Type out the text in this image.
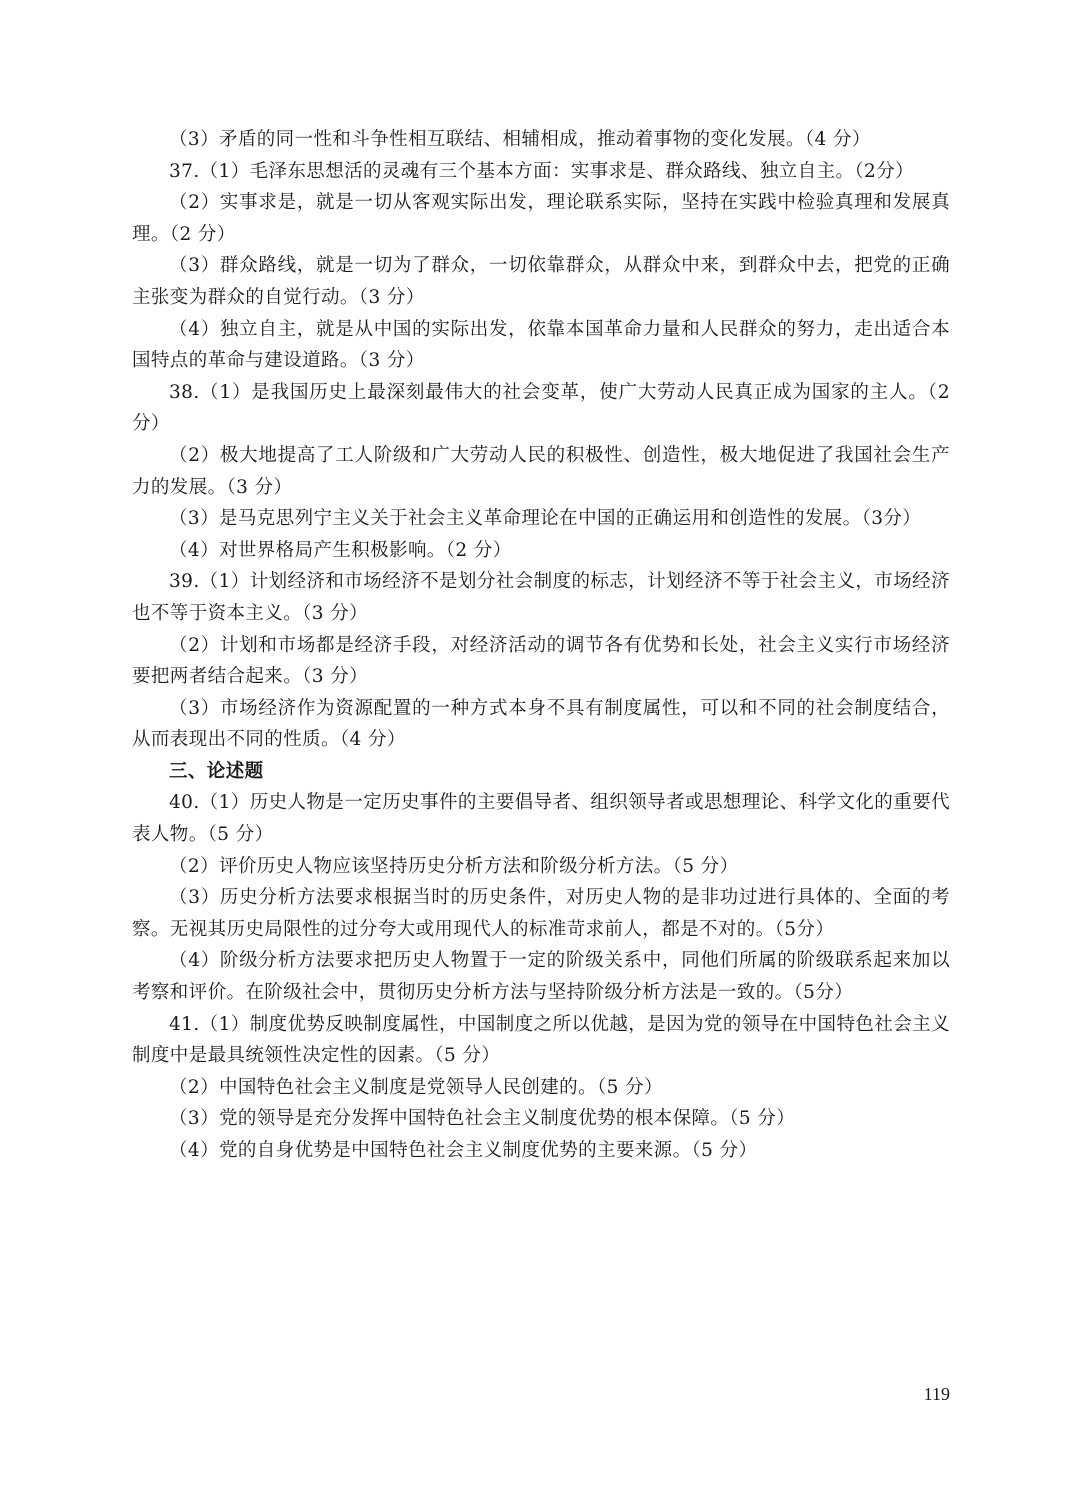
（3）矛盾的同一性和斗争性相互联结、相辅相成，推动着事物的变化发展。（4 分）

37.（1）毛泽东思想活的灵魂有三个基本方面：实事求是、群众路线、独立自主。（2分）

（2）实事求是，就是一切从客观实际出发，理论联系实际，坚持在实践中检验真理和发展真理。（2 分）

（3）群众路线，就是一切为了群众，一切依靠群众，从群众中来，到群众中去，把党的正确主张变为群众的自觉行动。（3 分）

（4）独立自主，就是从中国的实际出发，依靠本国革命力量和人民群众的努力，走出适合本国特点的革命与建设道路。（3 分）

38.（1）是我国历史上最深刻最伟大的社会变革，使广大劳动人民真正成为国家的主人。（2 分）

（2）极大地提高了工人阶级和广大劳动人民的积极性、创造性，极大地促进了我国社会生产力的发展。（3 分）

（3）是马克思列宁主义关于社会主义革命理论在中国的正确运用和创造性的发展。（3分）

（4）对世界格局产生积极影响。（2 分）

39.（1）计划经济和市场经济不是划分社会制度的标志，计划经济不等于社会主义，市场经济也不等于资本主义。（3 分）

（2）计划和市场都是经济手段，对经济活动的调节各有优势和长处，社会主义实行市场经济要把两者结合起来。（3 分）

（3）市场经济作为资源配置的一种方式本身不具有制度属性，可以和不同的社会制度结合，从而表现出不同的性质。（4 分）

三、论述题

40.（1）历史人物是一定历史事件的主要倡导者、组织领导者或思想理论、科学文化的重要代表人物。（5 分）

（2）评价历史人物应该坚持历史分析方法和阶级分析方法。（5 分）

（3）历史分析方法要求根据当时的历史条件，对历史人物的是非功过进行具体的、全面的考察。无视其历史局限性的过分夸大或用现代人的标准苛求前人，都是不对的。（5分）

（4）阶级分析方法要求把历史人物置于一定的阶级关系中，同他们所属的阶级联系起来加以考察和评价。在阶级社会中，贯彻历史分析方法与坚持阶级分析方法是一致的。（5分）

41.（1）制度优势反映制度属性，中国制度之所以优越，是因为党的领导在中国特色社会主义制度中是最具统领性决定性的因素。（5 分）

（2）中国特色社会主义制度是党领导人民创建的。（5 分）

（3）党的领导是充分发挥中国特色社会主义制度优势的根本保障。（5 分）

（4）党的自身优势是中国特色社会主义制度优势的主要来源。（5 分）

119
